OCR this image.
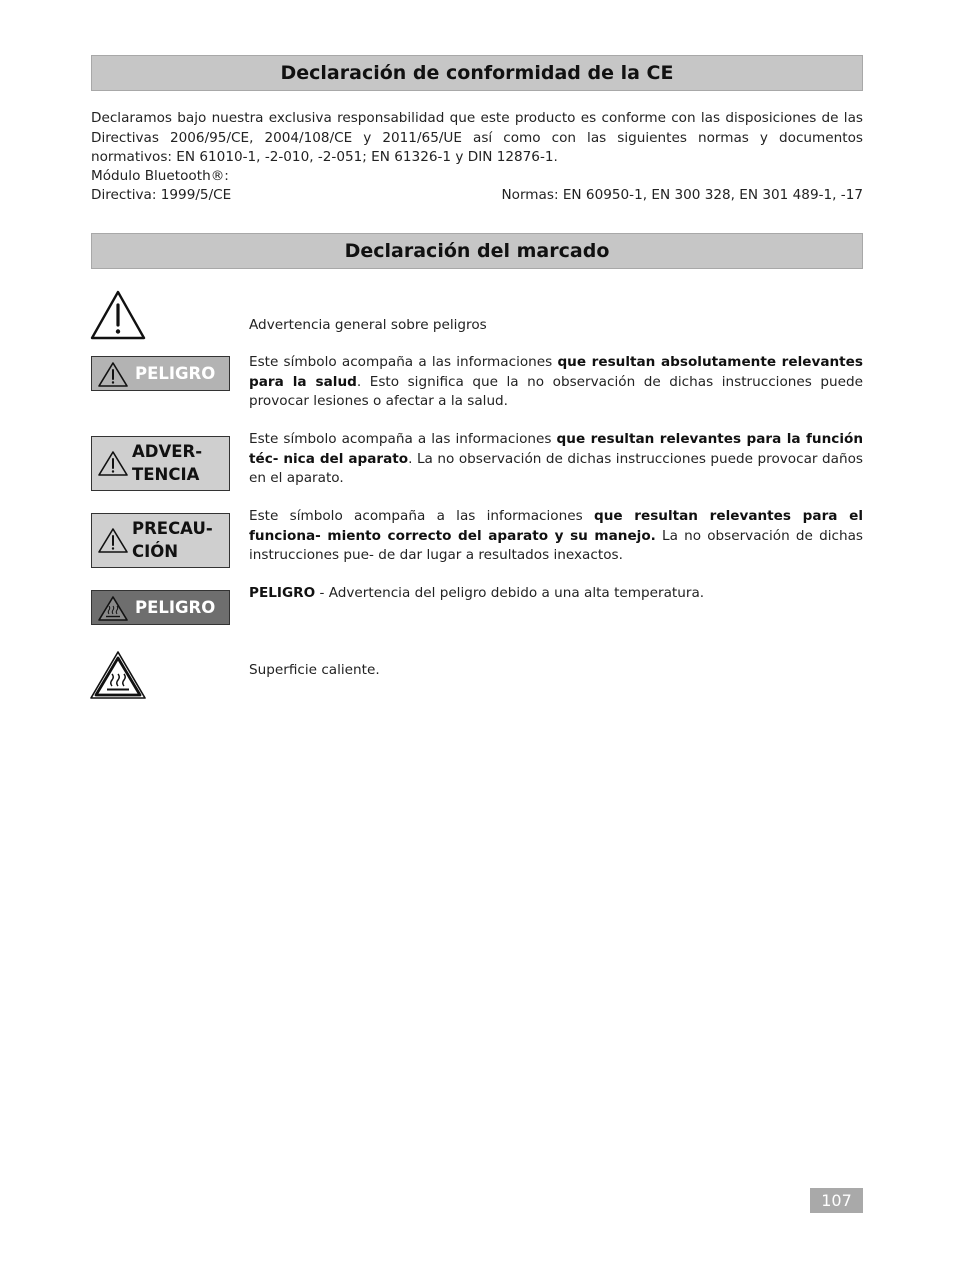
Declaración de conformidad de la CE
Declaramos bajo nuestra exclusiva responsabilidad que este producto es conforme con las disposiciones de las Directivas 2006/95/CE, 2004/108/CE y 2011/65/UE así como con las siguientes normas y documentos normativos: EN 61010-1, -2-010, -2-051; EN 61326-1 y DIN 12876-1.
Módulo Bluetooth®:
Directiva: 1999/5/CE	Normas: EN 60950-1, EN 300 328, EN 301 489-1, -17
Declaración del marcado
Advertencia general sobre peligros
PELIGRO
Este símbolo acompaña a las informaciones que resultan absolutamente relevantes para la salud. Esto significa que la no observación de dichas instrucciones puede provocar lesiones o afectar a la salud.
ADVER-
TENCIA
Este símbolo acompaña a las informaciones que resultan relevantes para la función téc- nica del aparato. La no observación de dichas instrucciones puede provocar daños en el aparato.
PRECAU-
CIÓN
Este símbolo acompaña a las informaciones que resultan relevantes para el funciona- miento correcto del aparato y su manejo. La no observación de dichas instrucciones pue- de dar lugar a resultados inexactos.
PELIGRO
PELIGRO - Advertencia del peligro debido a una alta temperatura.
Superficie caliente.
107
